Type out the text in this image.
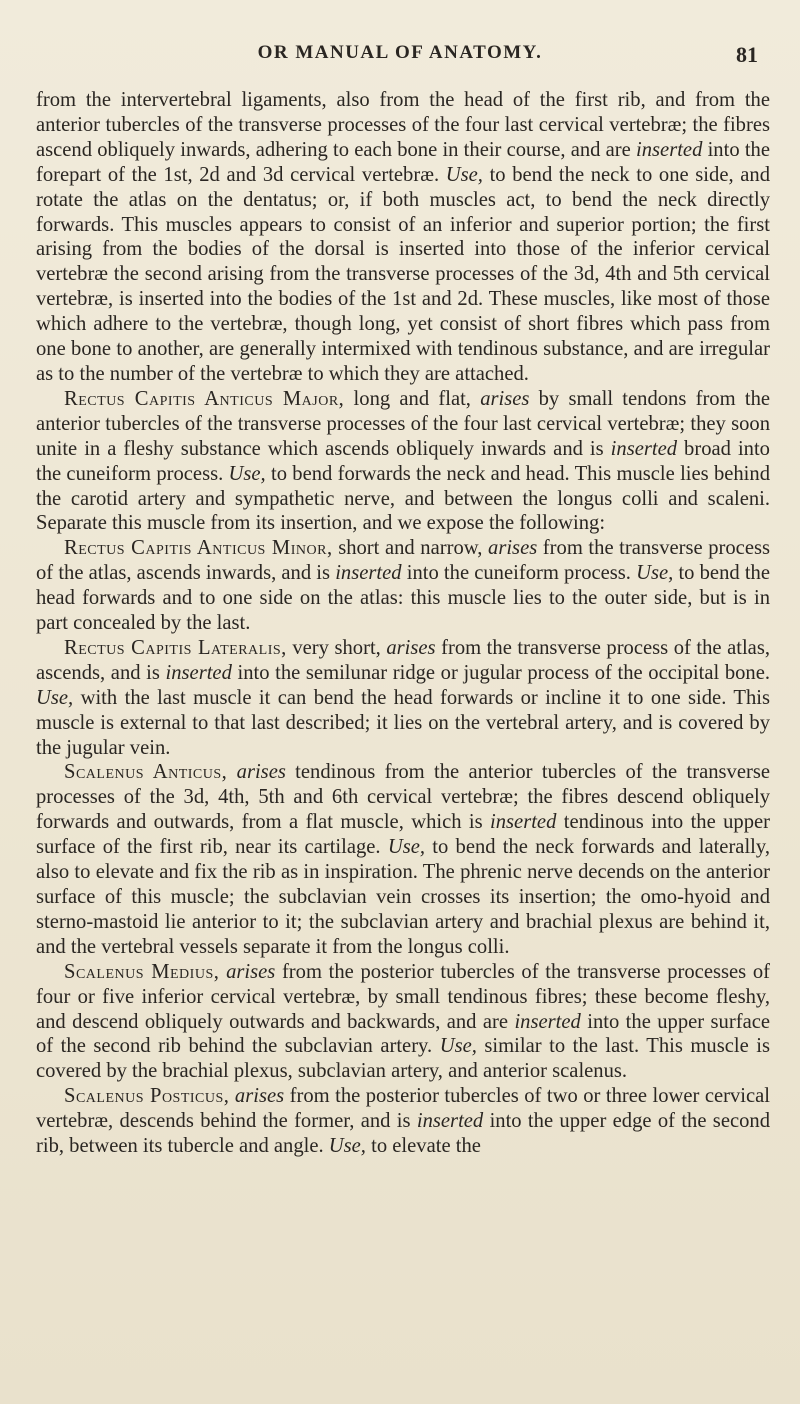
OR MANUAL OF ANATOMY.	81

from the intervertebral ligaments, also from the head of the first rib, and from the anterior tubercles of the transverse processes of the four last cervical vertebræ; the fibres ascend obliquely inwards, adhering to each bone in their course, and are inserted into the forepart of the 1st, 2d and 3d cervical vertebræ. Use, to bend the neck to one side, and rotate the atlas on the dentatus; or, if both muscles act, to bend the neck directly forwards. This muscles appears to consist of an inferior and superior portion; the first arising from the bodies of the dorsal is inserted into those of the inferior cervical vertebræ the second arising from the transverse processes of the 3d, 4th and 5th cervical vertebræ, is inserted into the bodies of the 1st and 2d. These muscles, like most of those which adhere to the vertebræ, though long, yet consist of short fibres which pass from one bone to another, are generally intermixed with tendinous substance, and are irregular as to the number of the vertebræ to which they are attached.

Rectus Capitis Anticus Major, long and flat, arises by small tendons from the anterior tubercles of the transverse processes of the four last cervical vertebræ; they soon unite in a fleshy substance which ascends obliquely inwards and is inserted broad into the cuneiform process. Use, to bend forwards the neck and head. This muscle lies behind the carotid artery and sympathetic nerve, and between the longus colli and scaleni. Separate this muscle from its insertion, and we expose the following:

Rectus Capitis Anticus Minor, short and narrow, arises from the transverse process of the atlas, ascends inwards, and is inserted into the cuneiform process. Use, to bend the head forwards and to one side on the atlas: this muscle lies to the outer side, but is in part concealed by the last.

Rectus Capitis Lateralis, very short, arises from the transverse process of the atlas, ascends, and is inserted into the semilunar ridge or jugular process of the occipital bone. Use, with the last muscle it can bend the head forwards or incline it to one side. This muscle is external to that last described; it lies on the vertebral artery, and is covered by the jugular vein.

Scalenus Anticus, arises tendinous from the anterior tubercles of the transverse processes of the 3d, 4th, 5th and 6th cervical vertebræ; the fibres descend obliquely forwards and outwards, from a flat muscle, which is inserted tendinous into the upper surface of the first rib, near its cartilage. Use, to bend the neck forwards and laterally, also to elevate and fix the rib as in inspiration. The phrenic nerve decends on the anterior surface of this muscle; the subclavian vein crosses its insertion; the omo-hyoid and sterno-mastoid lie anterior to it; the subclavian artery and brachial plexus are behind it, and the vertebral vessels separate it from the longus colli.

Scalenus Medius, arises from the posterior tubercles of the transverse processes of four or five inferior cervical vertebræ, by small tendinous fibres; these become fleshy, and descend obliquely outwards and backwards, and are inserted into the upper surface of the second rib behind the subclavian artery. Use, similar to the last. This muscle is covered by the brachial plexus, subclavian artery, and anterior scalenus.

Scalenus Posticus, arises from the posterior tubercles of two or three lower cervical vertebræ, descends behind the former, and is inserted into the upper edge of the second rib, between its tubercle and angle. Use, to elevate the
